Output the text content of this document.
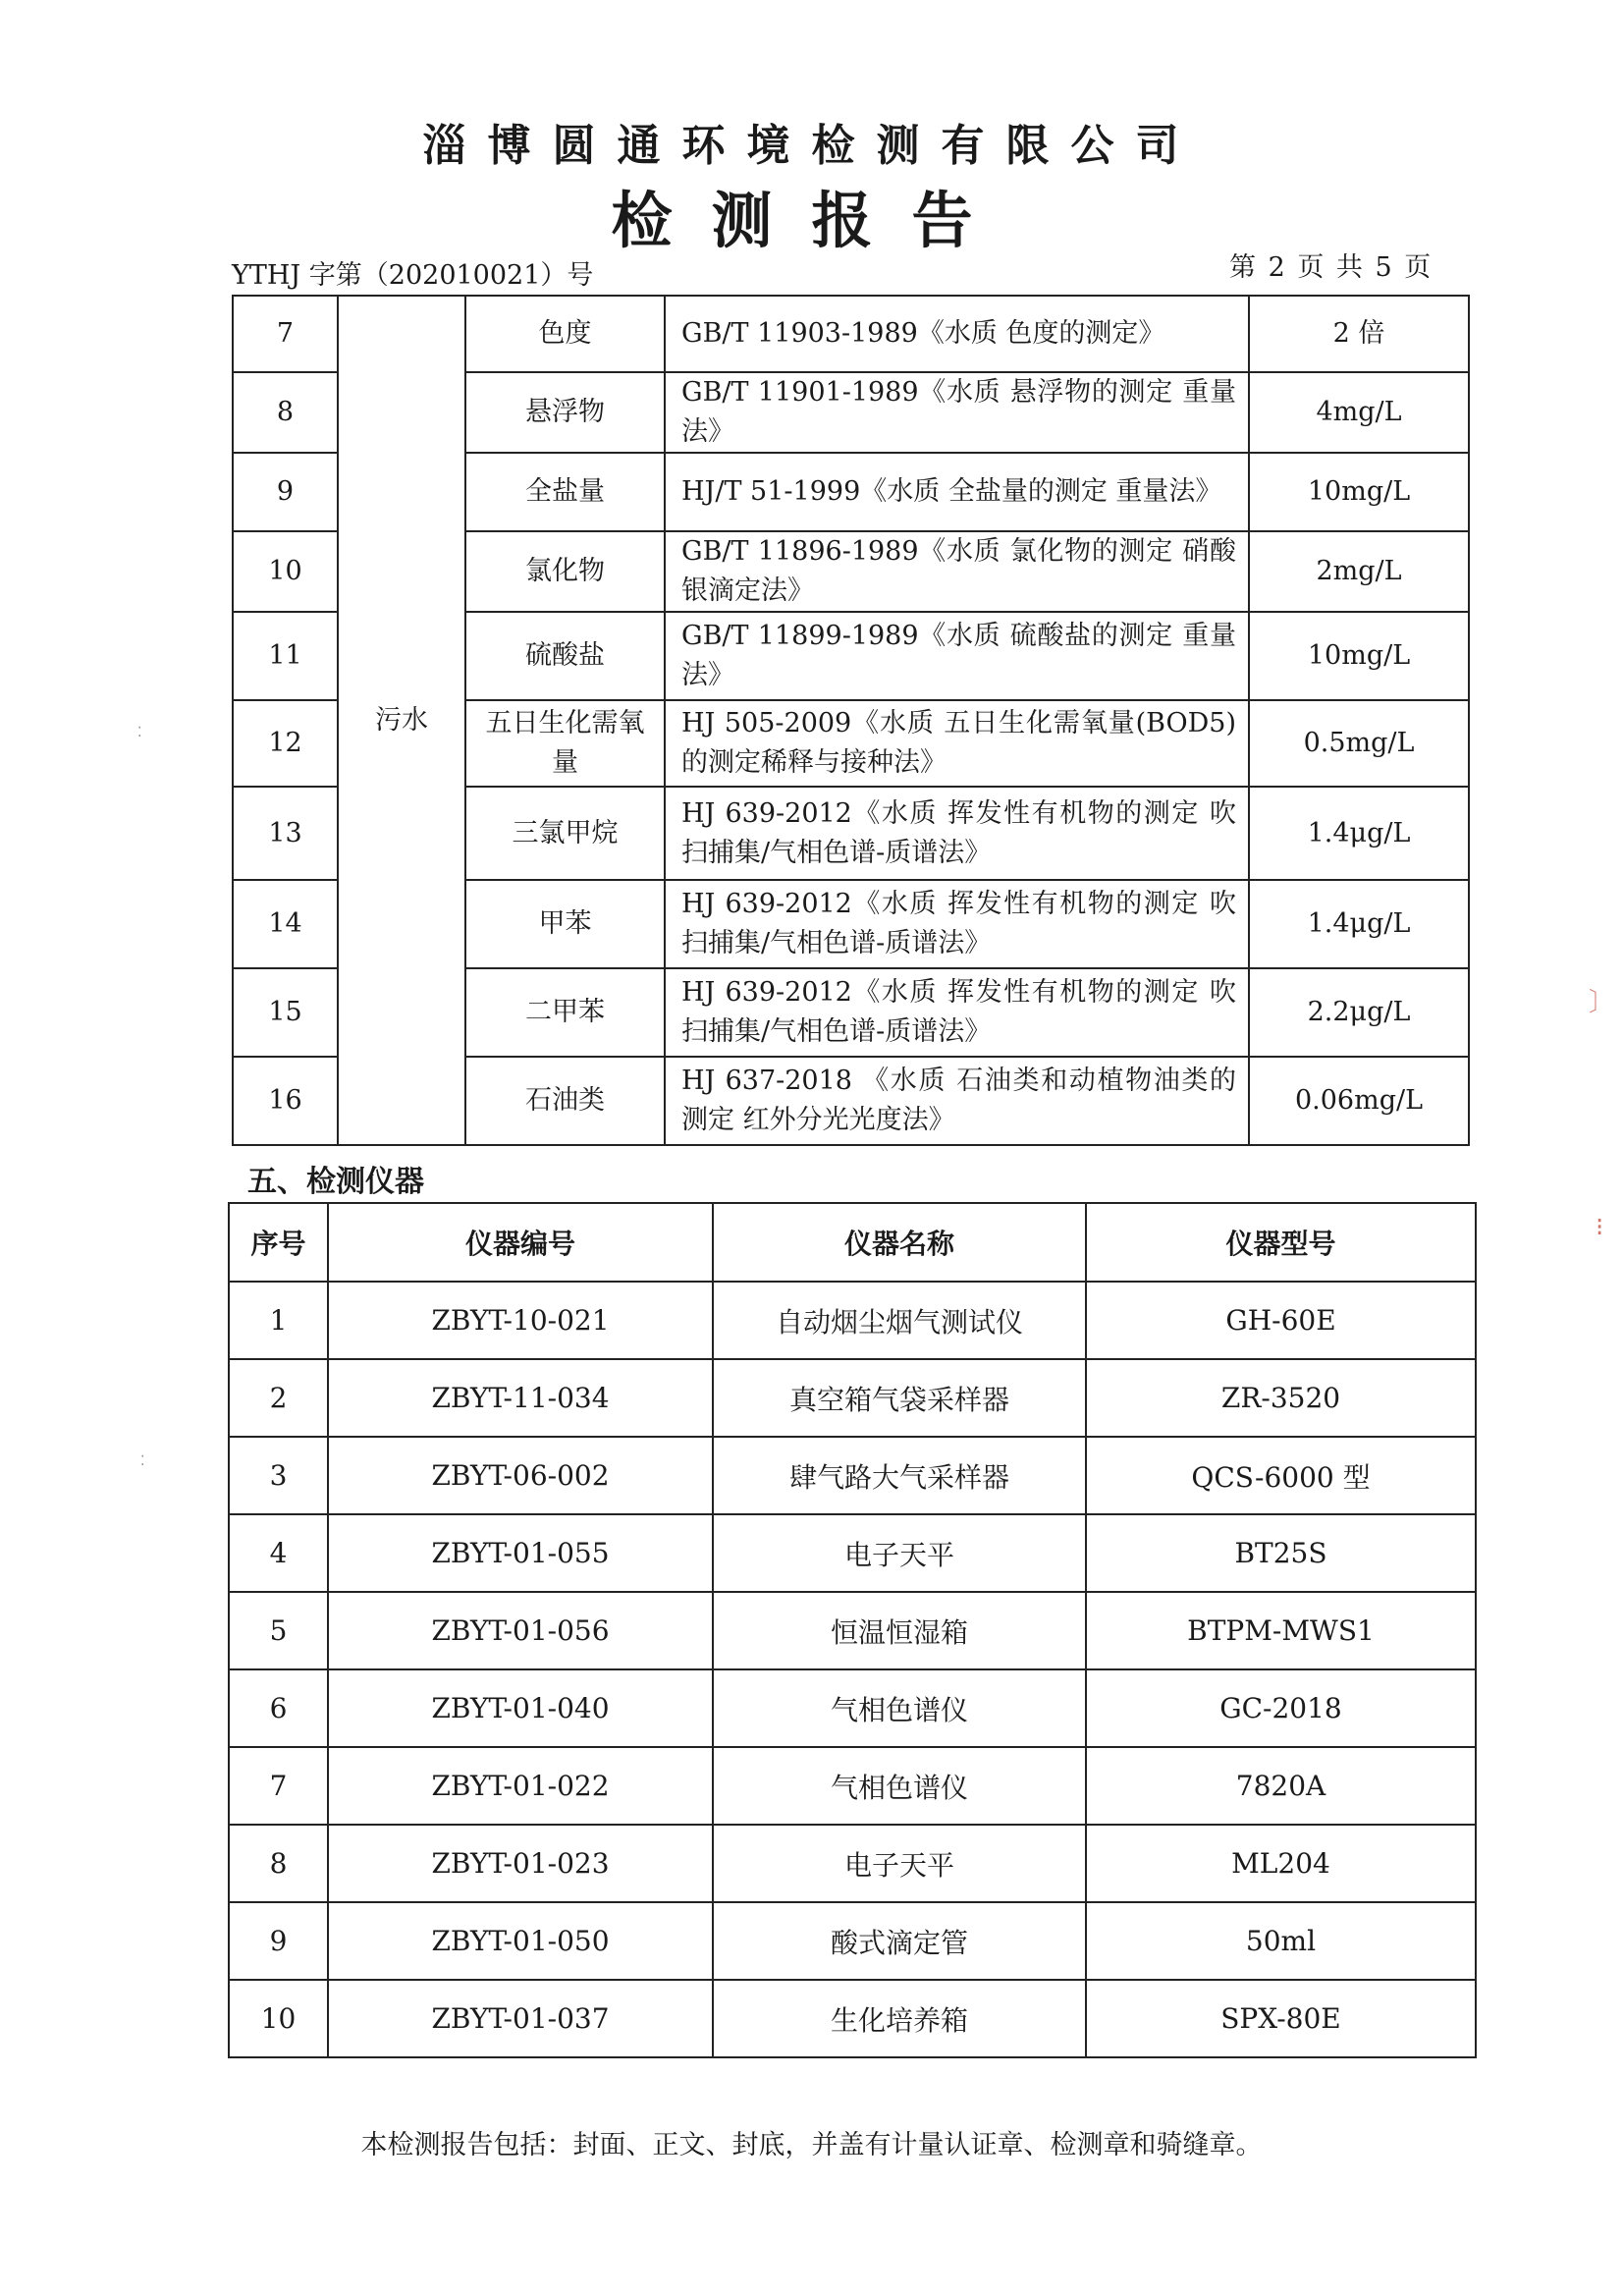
淄博圆通环境检测有限公司
检测报告
YTHJ 字第（202010021）号	第 2 页 共 5 页
7	污水	色度	GB/T 11903-1989《水质 色度的测定》	2 倍
8		悬浮物	GB/T 11901-1989《水质 悬浮物的测定 重量法》	4mg/L
9		全盐量	HJ/T 51-1999《水质 全盐量的测定 重量法》	10mg/L
10		氯化物	GB/T 11896-1989《水质 氯化物的测定 硝酸银滴定法》	2mg/L
11		硫酸盐	GB/T 11899-1989《水质 硫酸盐的测定 重量法》	10mg/L
12		五日生化需氧量	HJ 505-2009《水质 五日生化需氧量(BOD5)的测定稀释与接种法》	0.5mg/L
13		三氯甲烷	HJ 639-2012《水质 挥发性有机物的测定 吹扫捕集/气相色谱-质谱法》	1.4μg/L
14		甲苯	HJ 639-2012《水质 挥发性有机物的测定 吹扫捕集/气相色谱-质谱法》	1.4μg/L
15		二甲苯	HJ 639-2012《水质 挥发性有机物的测定 吹扫捕集/气相色谱-质谱法》	2.2μg/L
16		石油类	HJ 637-2018 《水质 石油类和动植物油类的测定 红外分光光度法》	0.06mg/L
五、检测仪器
序号	仪器编号	仪器名称	仪器型号
1	ZBYT-10-021	自动烟尘烟气测试仪	GH-60E
2	ZBYT-11-034	真空箱气袋采样器	ZR-3520
3	ZBYT-06-002	肆气路大气采样器	QCS-6000 型
4	ZBYT-01-055	电子天平	BT25S
5	ZBYT-01-056	恒温恒湿箱	BTPM-MWS1
6	ZBYT-01-040	气相色谱仪	GC-2018
7	ZBYT-01-022	气相色谱仪	7820A
8	ZBYT-01-023	电子天平	ML204
9	ZBYT-01-050	酸式滴定管	50ml
10	ZBYT-01-037	生化培养箱	SPX-80E
本检测报告包括：封面、正文、封底，并盖有计量认证章、检测章和骑缝章。
〕
⁝
⁚
⁚
